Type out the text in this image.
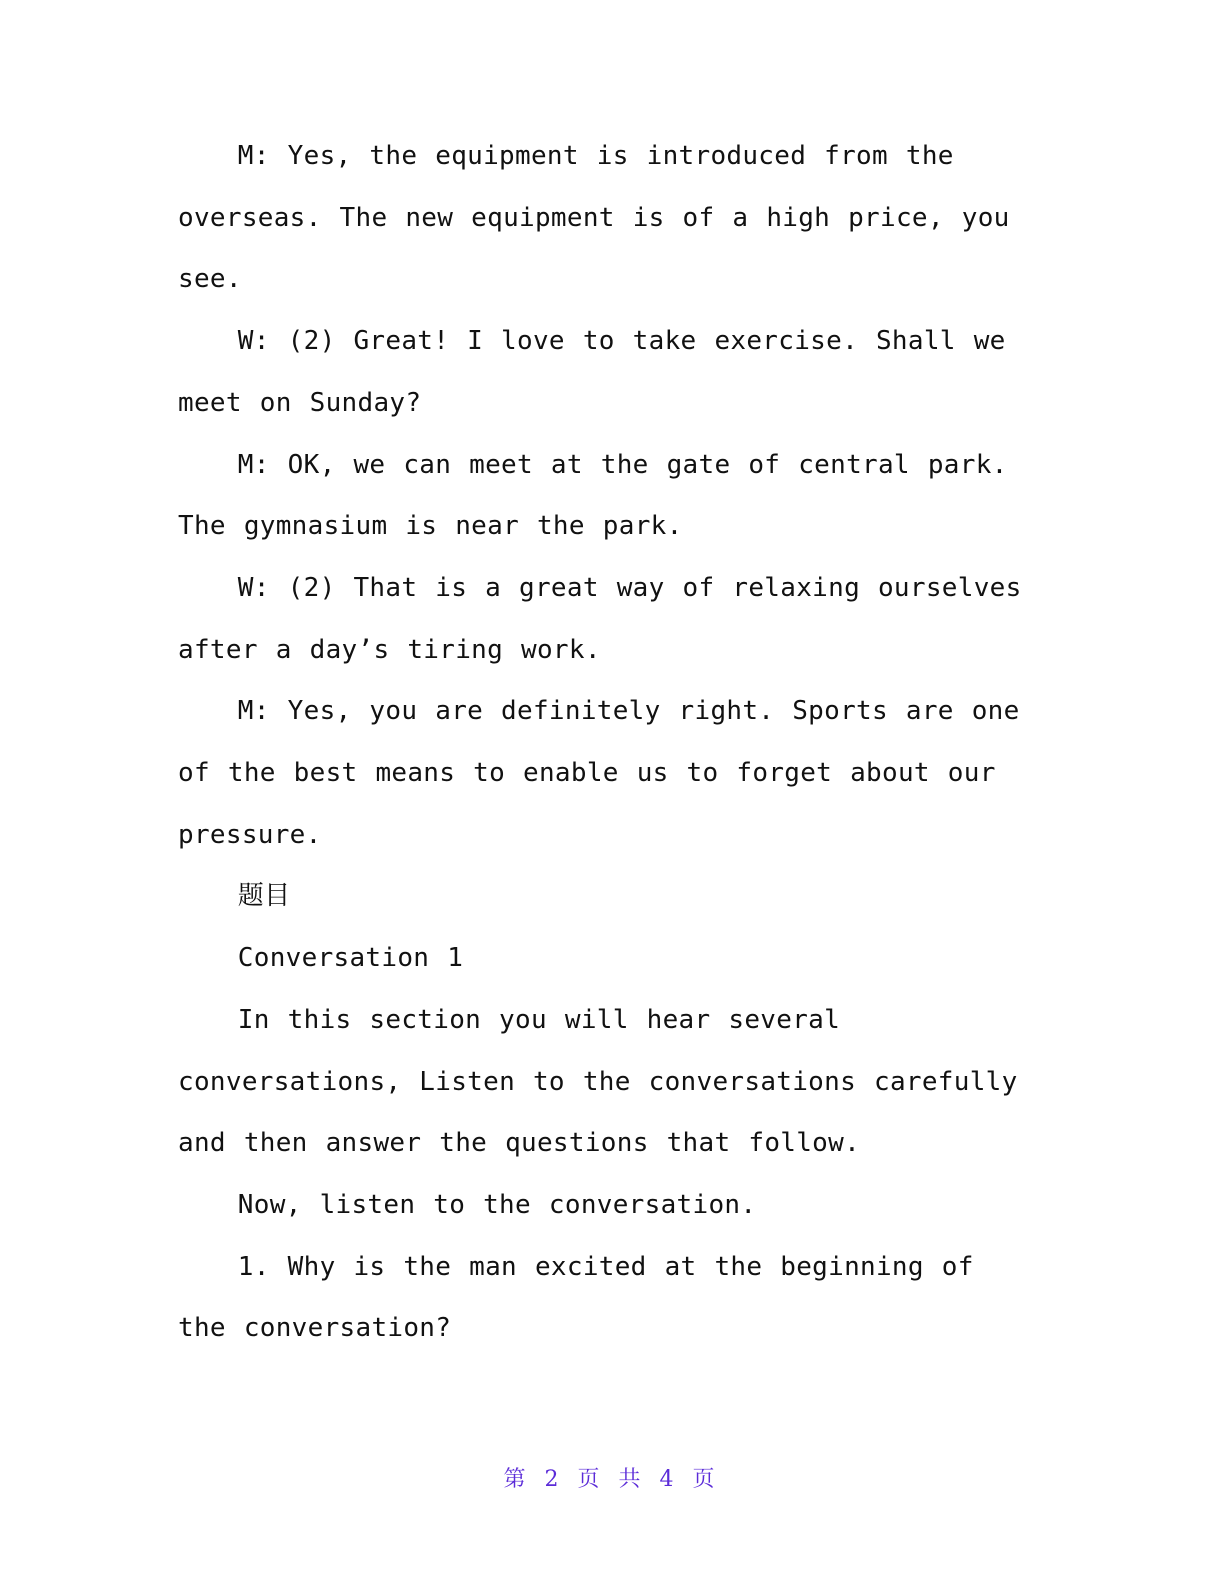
M: Yes, the equipment is introduced from the overseas. The new equipment is of a high price, you see.

W: (2) Great! I love to take exercise. Shall we meet on Sunday?

M: OK, we can meet at the gate of central park. The gymnasium is near the park.

W: (2) That is a great way of relaxing ourselves after a day’s tiring work.

M: Yes, you are definitely right. Sports are one of the best means to enable us to forget about our pressure.

题目

Conversation 1

In this section you will hear several conversations, Listen to the conversations carefully and then answer the questions that follow.

Now, listen to the conversation.

1. Why is the man excited at the beginning of the conversation?

第 2 页 共 4 页
